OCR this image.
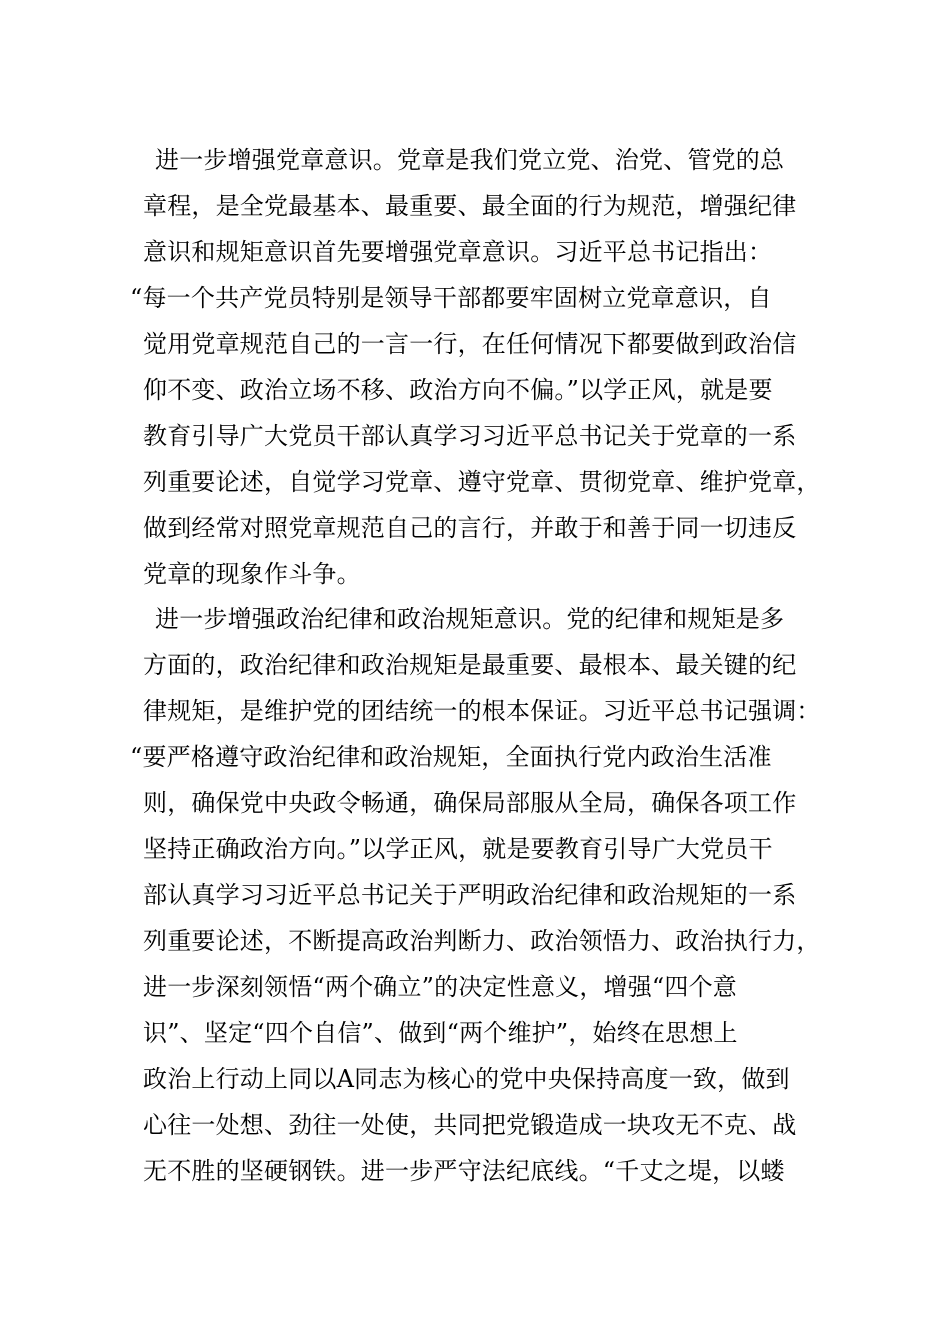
进一步增强党章意识。党章是我们党立党、治党、管党的总
章程，是全党最基本、最重要、最全面的行为规范，增强纪律
意识和规矩意识首先要增强党章意识。习近平总书记指出：
“每一个共产党员特别是领导干部都要牢固树立党章意识，自
觉用党章规范自己的一言一行，在任何情况下都要做到政治信
仰不变、政治立场不移、政治方向不偏。”以学正风，就是要
教育引导广大党员干部认真学习习近平总书记关于党章的一系
列重要论述，自觉学习党章、遵守党章、贯彻党章、维护党章，
做到经常对照党章规范自己的言行，并敢于和善于同一切违反
党章的现象作斗争。
进一步增强政治纪律和政治规矩意识。党的纪律和规矩是多
方面的，政治纪律和政治规矩是最重要、最根本、最关键的纪
律规矩，是维护党的团结统一的根本保证。习近平总书记强调：
“要严格遵守政治纪律和政治规矩，全面执行党内政治生活准
则，确保党中央政令畅通，确保局部服从全局，确保各项工作
坚持正确政治方向。”以学正风，就是要教育引导广大党员干
部认真学习习近平总书记关于严明政治纪律和政治规矩的一系
列重要论述，不断提高政治判断力、政治领悟力、政治执行力，
进一步深刻领悟“两个确立”的决定性意义，增强“四个意
识”、坚定“四个自信”、做到“两个维护”，始终在思想上
政治上行动上同以A同志为核心的党中央保持高度一致，做到
心往一处想、劲往一处使，共同把党锻造成一块攻无不克、战
无不胜的坚硬钢铁。进一步严守法纪底线。“千丈之堤，以蝼
